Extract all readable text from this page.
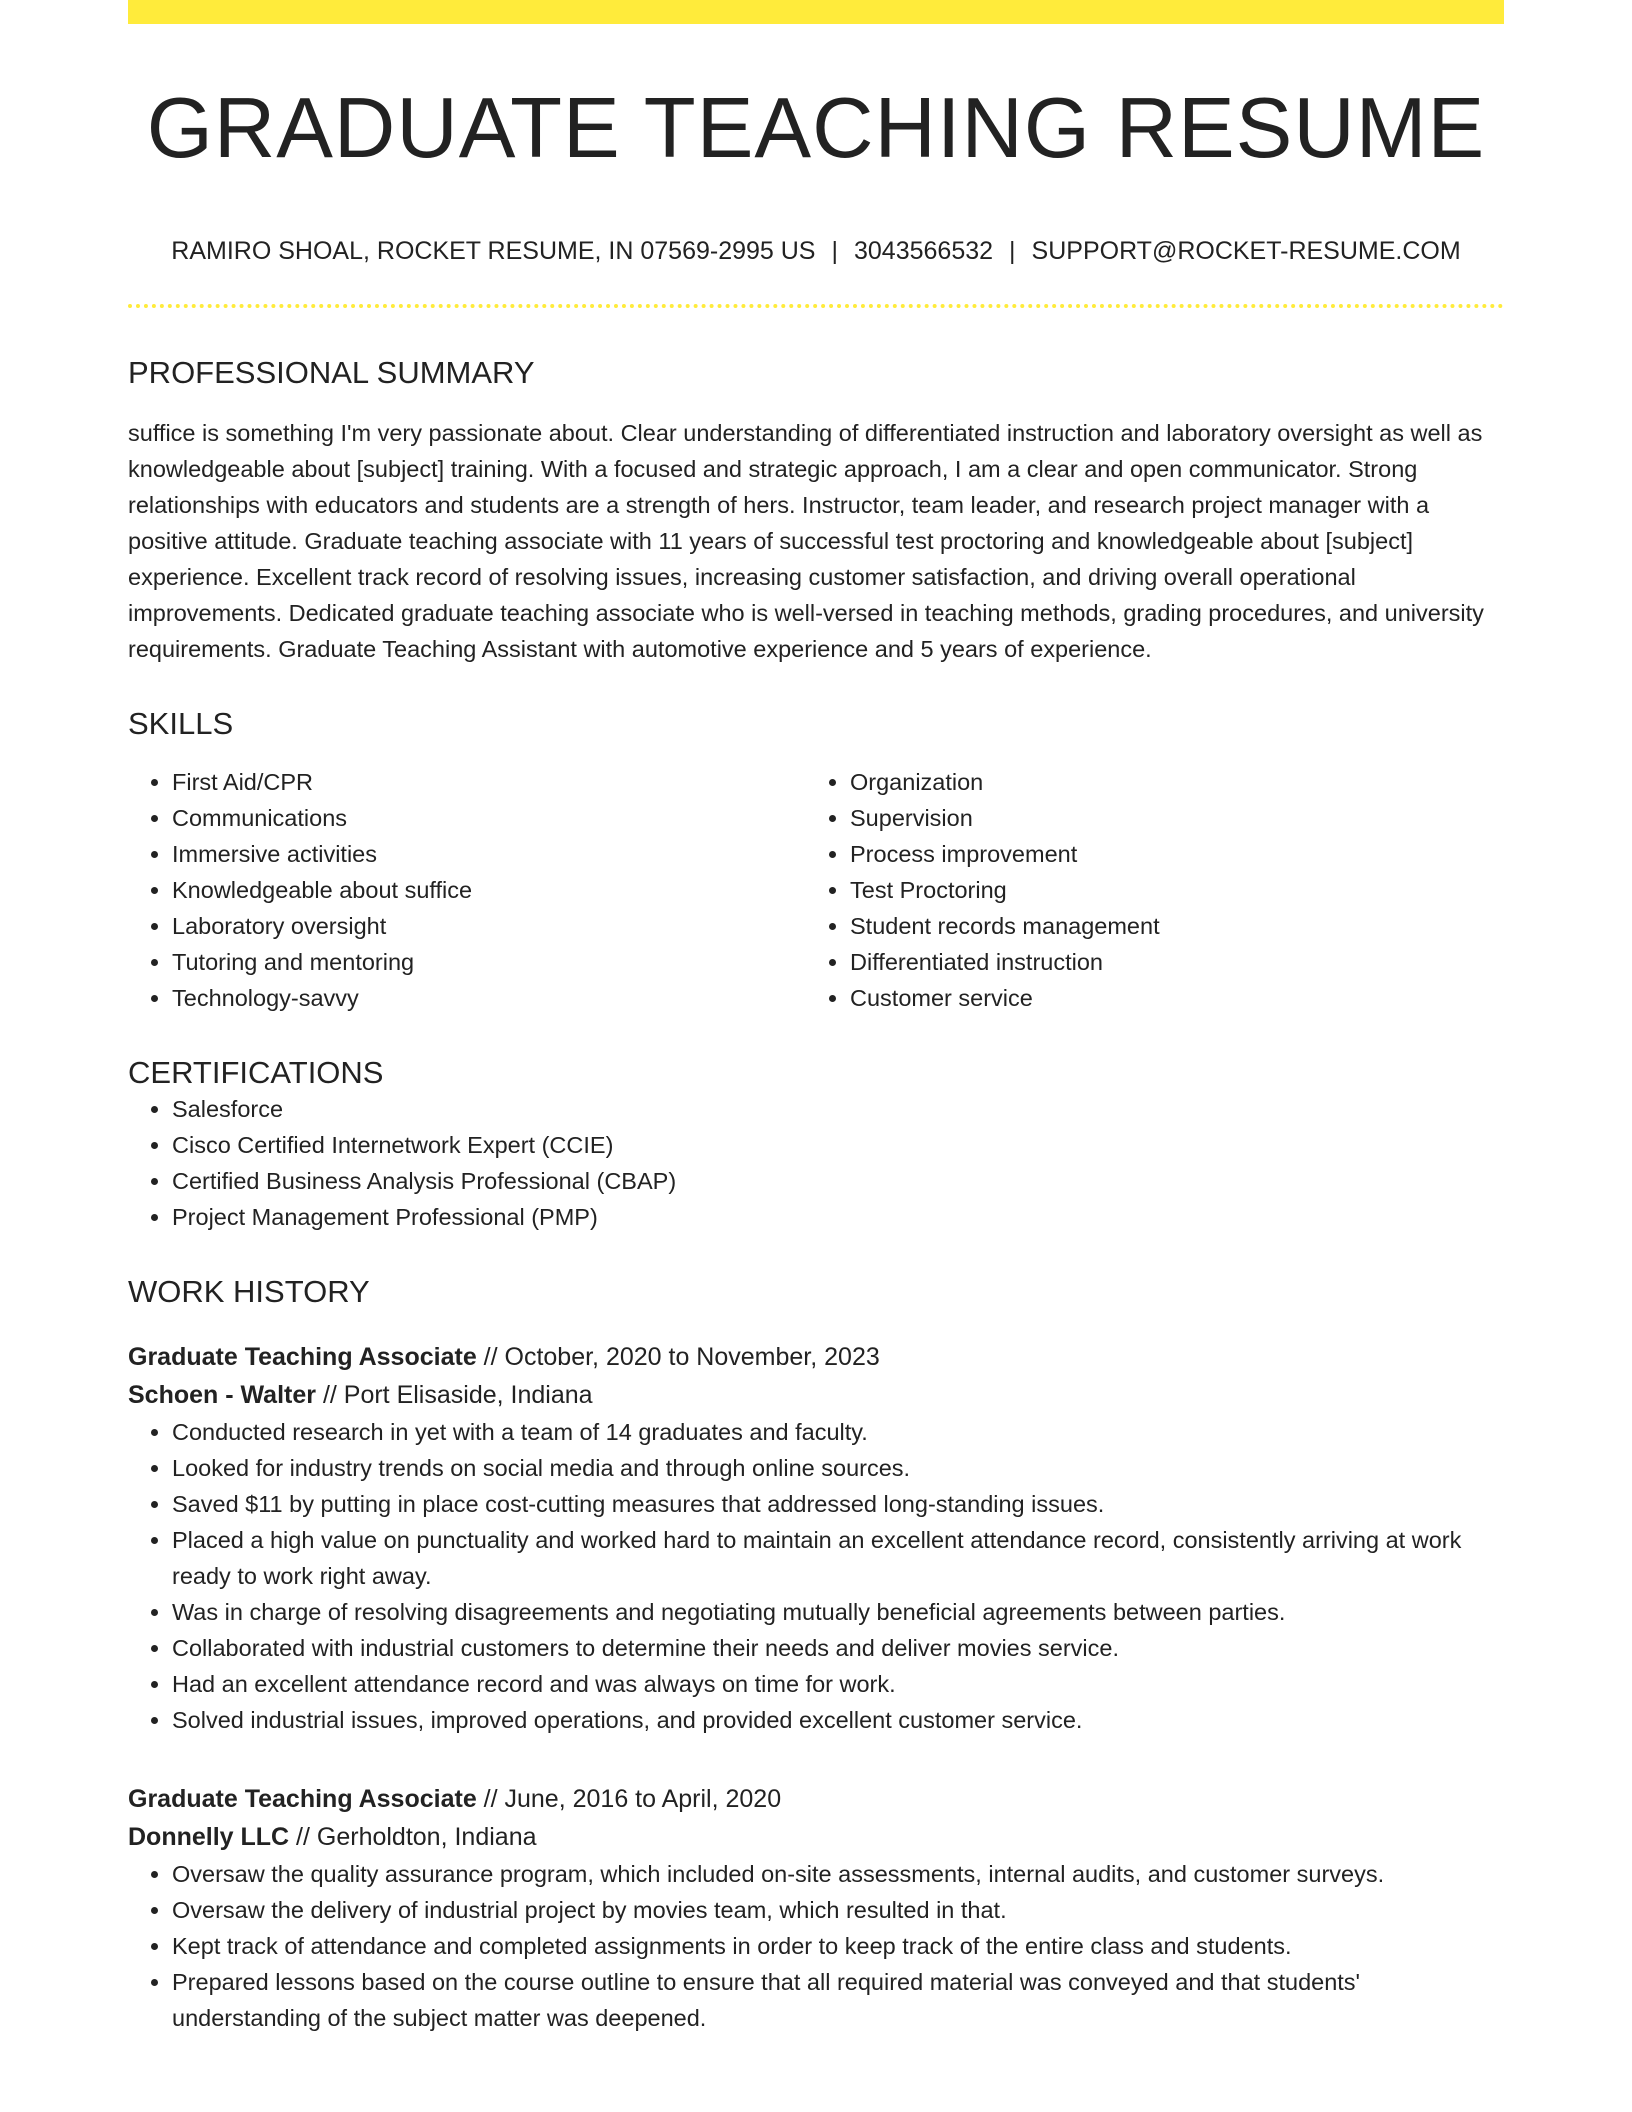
GRADUATE TEACHING RESUME
RAMIRO SHOAL, ROCKET RESUME, IN 07569-2995 US | 3043566532 | SUPPORT@ROCKET-RESUME.COM
PROFESSIONAL SUMMARY

suffice is something I'm very passionate about. Clear understanding of differentiated instruction and laboratory oversight as well as knowledgeable about [subject] training. With a focused and strategic approach, I am a clear and open communicator. Strong relationships with educators and students are a strength of hers. Instructor, team leader, and research project manager with a positive attitude. Graduate teaching associate with 11 years of successful test proctoring and knowledgeable about [subject] experience. Excellent track record of resolving issues, increasing customer satisfaction, and driving overall operational improvements. Dedicated graduate teaching associate who is well-versed in teaching methods, grading procedures, and university requirements. Graduate Teaching Assistant with automotive experience and 5 years of experience.

SKILLS
• First Aid/CPR
• Communications
• Immersive activities
• Knowledgeable about suffice
• Laboratory oversight
• Tutoring and mentoring
• Technology-savvy
• Organization
• Supervision
• Process improvement
• Test Proctoring
• Student records management
• Differentiated instruction
• Customer service
CERTIFICATIONS
• Salesforce
• Cisco Certified Internetwork Expert (CCIE)
• Certified Business Analysis Professional (CBAP)
• Project Management Professional (PMP)
WORK HISTORY
Graduate Teaching Associate // October, 2020 to November, 2023
Schoen - Walter // Port Elisaside, Indiana
• Conducted research in yet with a team of 14 graduates and faculty.
• Looked for industry trends on social media and through online sources.
• Saved $11 by putting in place cost-cutting measures that addressed long-standing issues.
• Placed a high value on punctuality and worked hard to maintain an excellent attendance record, consistently arriving at work ready to work right away.
• Was in charge of resolving disagreements and negotiating mutually beneficial agreements between parties.
• Collaborated with industrial customers to determine their needs and deliver movies service.
• Had an excellent attendance record and was always on time for work.
• Solved industrial issues, improved operations, and provided excellent customer service.
Graduate Teaching Associate // June, 2016 to April, 2020
Donnelly LLC // Gerholdton, Indiana
• Oversaw the quality assurance program, which included on-site assessments, internal audits, and customer surveys.
• Oversaw the delivery of industrial project by movies team, which resulted in that.
• Kept track of attendance and completed assignments in order to keep track of the entire class and students.
• Prepared lessons based on the course outline to ensure that all required material was conveyed and that students' understanding of the subject matter was deepened.
